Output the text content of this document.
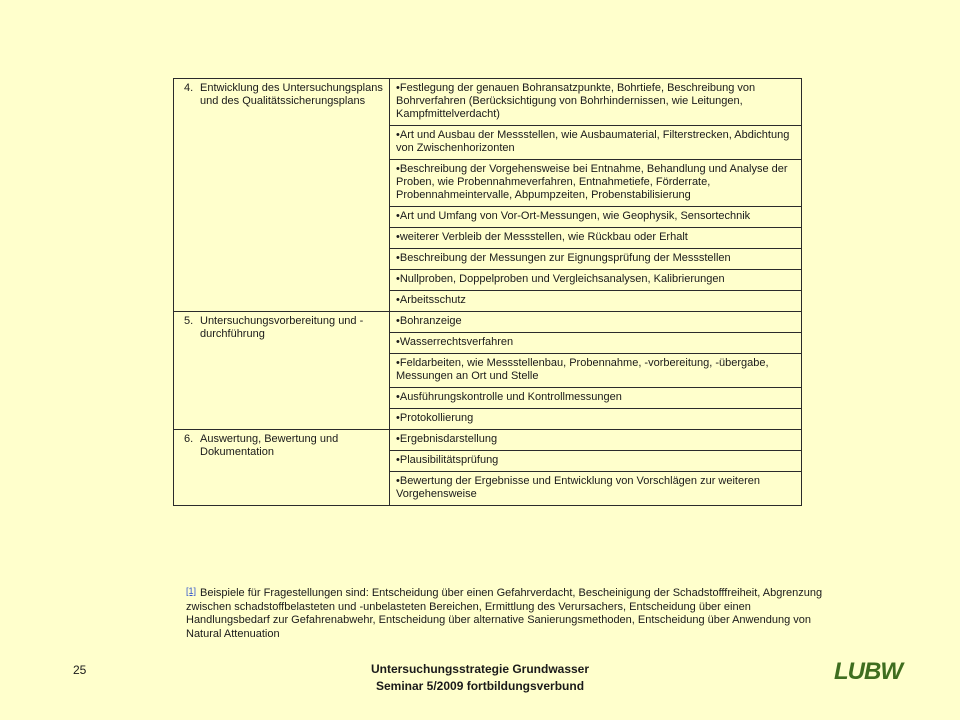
4. Entwicklung des Untersuchungsplans und des Qualitätssicherungsplans	•Festlegung der genauen Bohransatzpunkte, Bohrtiefe, Beschreibung von Bohrverfahren (Berücksichtigung von Bohrhindernissen, wie Leitungen, Kampfmittelverdacht)

	•Art und Ausbau der Messstellen, wie Ausbaumaterial, Filterstrecken, Abdichtung von Zwischenhorizonten

	•Beschreibung der Vorgehensweise bei Entnahme, Behandlung und Analyse der Proben, wie Probennahmeverfahren, Entnahmetiefe, Förderrate, Probennahmeintervalle, Abpumpzeiten, Probenstabilisierung

	•Art und Umfang von Vor-Ort-Messungen, wie Geophysik, Sensortechnik

	•weiterer Verbleib der Messstellen, wie Rückbau oder Erhalt

	•Beschreibung der Messungen zur Eignungsprüfung der Messstellen

	•Nullproben, Doppelproben und Vergleichsanalysen, Kalibrierungen

	•Arbeitsschutz

5. Untersuchungsvorbereitung und -durchführung	•Bohranzeige

	•Wasserrechtsverfahren

	•Feldarbeiten, wie Messstellenbau, Probennahme, -vorbereitung, -übergabe, Messungen an Ort und Stelle

	•Ausführungskontrolle und Kontrollmessungen

	•Protokollierung

6. Auswertung, Bewertung und Dokumentation	•Ergebnisdarstellung

	•Plausibilitätsprüfung

	•Bewertung der Ergebnisse und Entwicklung von Vorschlägen zur weiteren Vorgehensweise
[1] Beispiele für Fragestellungen sind: Entscheidung über einen Gefahrverdacht, Bescheinigung der Schadstofffreiheit, Abgrenzung zwischen schadstoffbelasteten und -unbelasteten Bereichen, Ermittlung des Verursachers, Entscheidung über einen Handlungsbedarf zur Gefahrenabwehr, Entscheidung über alternative Sanierungsmethoden, Entscheidung über Anwendung von Natural Attenuation
25	Untersuchungsstrategie Grundwasser
Seminar 5/2009 fortbildungsverbund
LUBW
